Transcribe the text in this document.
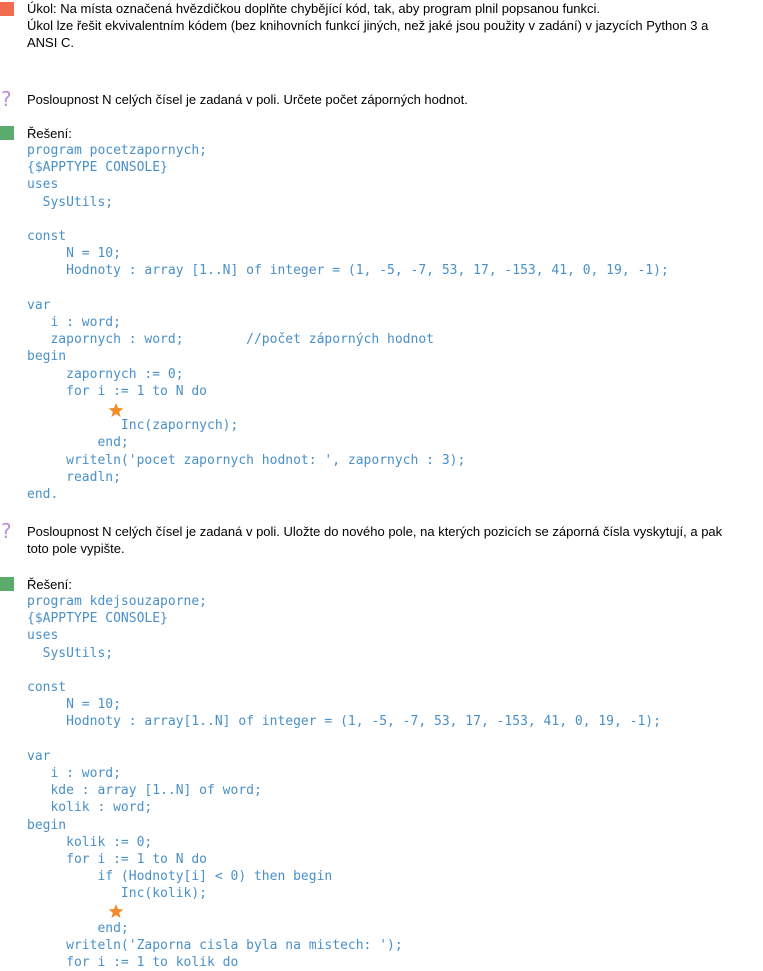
Úkol: Na místa označená hvězdičkou doplňte chybějící kód, tak, aby program plnil popsanou funkci.
Úkol lze řešit ekvivalentním kódem (bez knihovních funkcí jiných, než jaké jsou použity v zadání) v jazycích Python 3 a
ANSI C.
? Posloupnost N celých čísel je zadaná v poli. Určete počet záporných hodnot.
Řešení:
program pocetzapornych;
{$APPTYPE CONSOLE}
uses
SysUtils;

const
N = 10;
Hodnoty : array [1..N] of integer = (1, -5, -7, 53, 17, -153, 41, 0, 19, -1);

var
i : word;
zapornych : word;        //počet záporných hodnot
begin
zapornych := 0;
for i := 1 to N do

Inc(zapornych);
end;
writeln('pocet zapornych hodnot: ', zapornych : 3);
readln;
end.
? Posloupnost N celých čísel je zadaná v poli. Uložte do nového pole, na kterých pozicích se záporná čísla vyskytují, a pak
toto pole vypište.
Řešení:
program kdejsouzaporne;
{$APPTYPE CONSOLE}
uses
SysUtils;

const
N = 10;
Hodnoty : array[1..N] of integer = (1, -5, -7, 53, 17, -153, 41, 0, 19, -1);

var
i : word;
kde : array [1..N] of word;
kolik : word;
begin
kolik := 0;
for i := 1 to N do
if (Hodnoty[i] < 0) then begin
Inc(kolik);

end;
writeln('Zaporna cisla byla na mistech: ');
for i := 1 to kolik do
